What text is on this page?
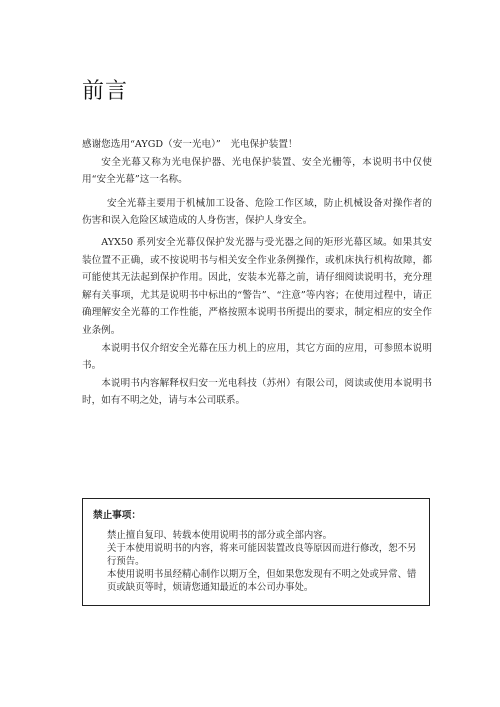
前言

感谢您选用“AYGD（安一光电）”　光电保护装置！

安全光幕又称为光电保护器、光电保护装置、安全光栅等，本说明书中仅使用“安全光幕”这一名称。

安全光幕主要用于机械加工设备、危险工作区域，防止机械设备对操作者的伤害和误入危险区域造成的人身伤害，保护人身安全。

AYX50 系列安全光幕仅保护发光器与受光器之间的矩形光幕区域。如果其安装位置不正确，或不按说明书与相关安全作业条例操作，或机床执行机构故障，都可能使其无法起到保护作用。因此，安装本光幕之前，请仔细阅读说明书，充分理解有关事项，尤其是说明书中标出的“警告”、“注意”等内容；在使用过程中，请正确理解安全光幕的工作性能，严格按照本说明书所提出的要求，制定相应的安全作业条例。

本说明书仅介绍安全光幕在压力机上的应用，其它方面的应用，可参照本说明书。

本说明书内容解释权归安一光电科技（苏州）有限公司，阅读或使用本说明书时，如有不明之处，请与本公司联系。

禁止事项：

禁止擅自复印、转载本使用说明书的部分或全部内容。

关于本使用说明书的内容，将来可能因装置改良等原因而进行修改，恕不另行预告。

本使用说明书虽经精心制作以期万全，但如果您发现有不明之处或异常、错页或缺页等时，烦请您通知最近的本公司办事处。
